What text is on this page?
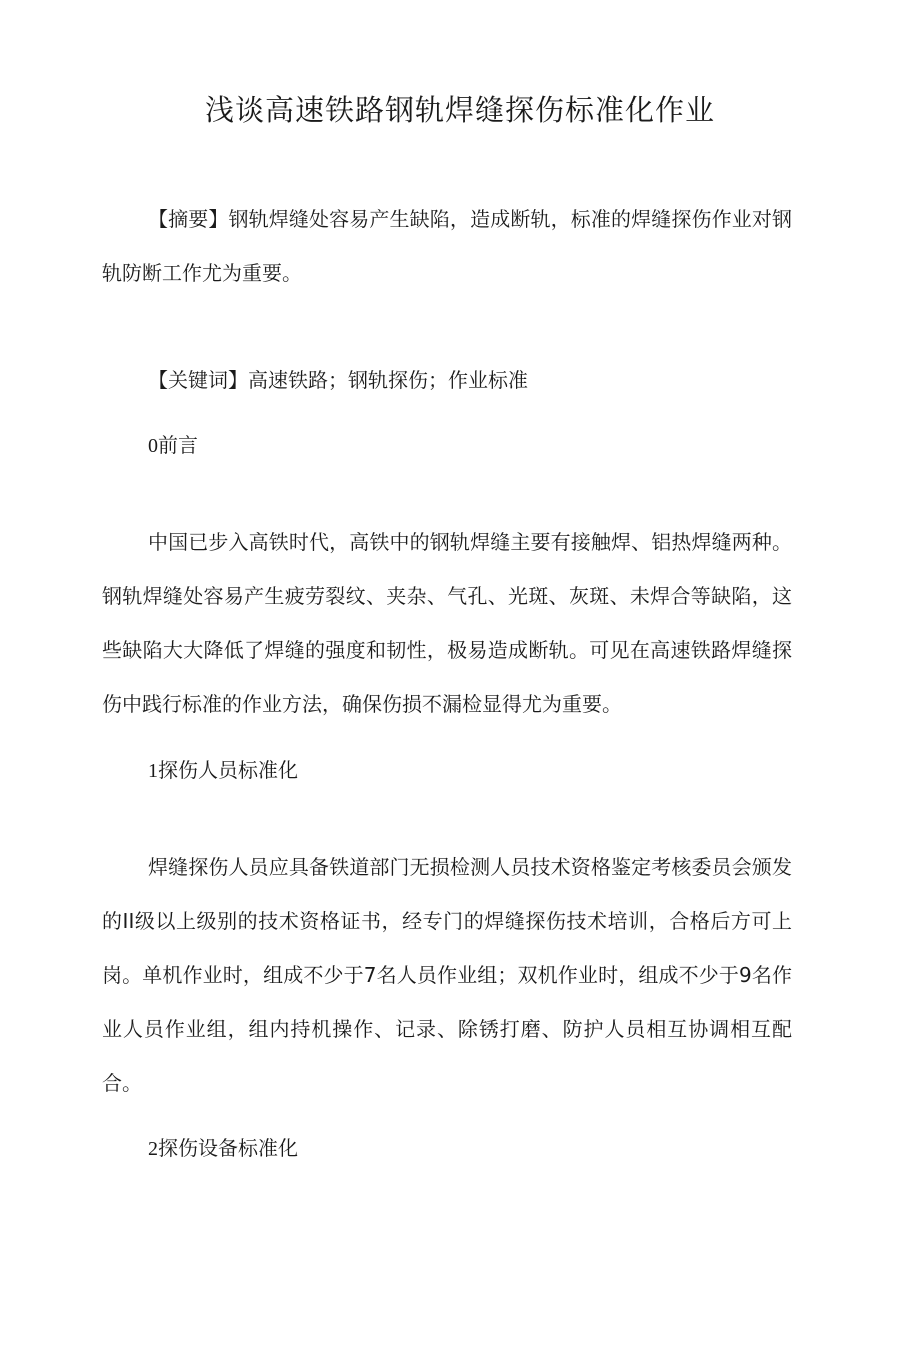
浅谈高速铁路钢轨焊缝探伤标准化作业

【摘要】钢轨焊缝处容易产生缺陷，造成断轨，标准的焊缝探伤作业对钢轨防断工作尤为重要。

【关键词】高速铁路；钢轨探伤；作业标准

0前言

中国已步入高铁时代，高铁中的钢轨焊缝主要有接触焊、铝热焊缝两种。钢轨焊缝处容易产生疲劳裂纹、夹杂、气孔、光斑、灰斑、未焊合等缺陷，这些缺陷大大降低了焊缝的强度和韧性，极易造成断轨。可见在高速铁路焊缝探伤中践行标准的作业方法，确保伤损不漏检显得尤为重要。

1探伤人员标准化

焊缝探伤人员应具备铁道部门无损检测人员技术资格鉴定考核委员会颁发的II级以上级别的技术资格证书，经专门的焊缝探伤技术培训，合格后方可上岗。单机作业时，组成不少于7名人员作业组；双机作业时，组成不少于9名作业人员作业组，组内持机操作、记录、除锈打磨、防护人员相互协调相互配合。

2探伤设备标准化
